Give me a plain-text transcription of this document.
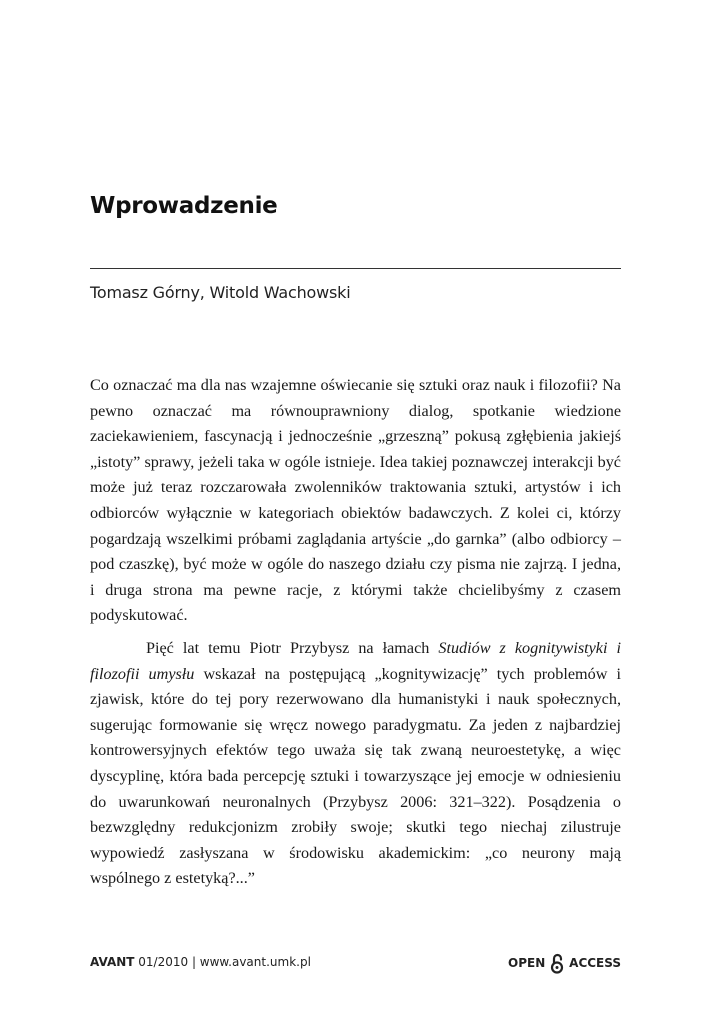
Wprowadzenie
Tomasz Górny, Witold Wachowski

Co oznaczać ma dla nas wzajemne oświecanie się sztuki oraz nauk i filozofii? Na pewno oznaczać ma równouprawniony dialog, spotkanie wiedzione zaciekawieniem, fascynacją i jednocześnie „grzeszną” pokusą zgłębienia jakiejś „istoty” sprawy, jeżeli taka w ogóle istnieje. Idea takiej poznawczej interakcji być może już teraz rozczarowała zwolenników traktowania sztuki, artystów i ich odbiorców wyłącznie w kategoriach obiektów badawczych. Z kolei ci, którzy pogardzają wszelkimi próbami zaglądania artyście „do garnka” (albo odbiorcy – pod czaszkę), być może w ogóle do naszego działu czy pisma nie zajrzą. I jedna, i druga strona ma pewne racje, z którymi także chcielibyśmy z czasem podyskutować.

Pięć lat temu Piotr Przybysz na łamach Studiów z kognitywistyki i filozofii umysłu wskazał na postępującą „kognitywizację” tych problemów i zjawisk, które do tej pory rezerwowano dla humanistyki i nauk społecznych, sugerując formowanie się wręcz nowego paradygmatu. Za jeden z najbardziej kontrowersyjnych efektów tego uważa się tak zwaną neuroestetykę, a więc dyscyplinę, która bada percepcję sztuki i towarzyszące jej emocje w odniesieniu do uwarunkowań neuronalnych (Przybysz 2006: 321–322). Posądzenia o bezwzględny redukcjonizm zrobiły swoje; skutki tego niechaj zilustruje wypowiedź zasłyszana w środowisku akademickim: „co neurony mają wspólnego z estetyką?...”

AVANT 01/2010 | www.avant.umk.pl	OPEN ACCESS
